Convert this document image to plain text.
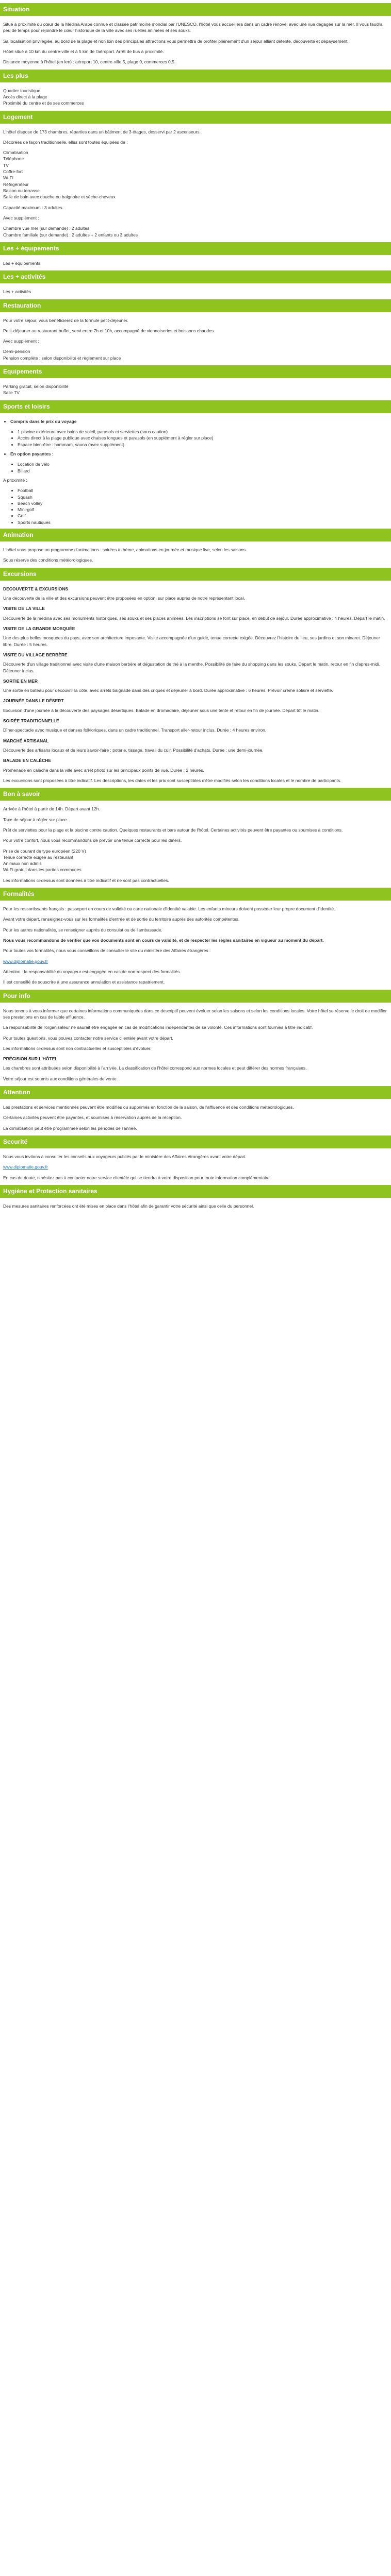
Situation
Situé à proximité du cœur de la Médina Arabe connue et classée patrimoine mondial par l'UNESCO, l'hôtel vous accueillera dans un cadre rénové, avec une vue dégagée sur la mer. Il vous faudra peu de temps pour rejoindre le cœur historique de la ville avec ses ruelles animées et ses souks.
Sa localisation privilégiée, au bord de la plage et non loin des principales attractions vous permettra de profiter pleinement d'un séjour alliant détente, découverte et dépaysement.
Hôtel situé à 10 km du centre-ville et à 5 km de l'aéroport. Arrêt de bus à proximité.
Distance moyenne à l'hôtel (en km) : aéroport 10, centre-ville 5, plage 0, commerces 0,5.
Les plus
Quartier touristique
Accès direct à la plage
Proximité du centre et de ses commerces
Logement
L'hôtel dispose de 173 chambres, réparties dans un bâtiment de 3 étages, desservi par 2 ascenseurs.
Décorées de façon traditionnelle, elles sont toutes équipées de :
Climatisation
Téléphone
TV
Coffre-fort
Wi-Fi
Réfrigérateur
Balcon ou terrasse
Salle de bain avec douche ou baignoire et sèche-cheveux
Capacité maximum : 3 adultes.
Avec supplément :
Chambre vue mer (sur demande) : 2 adultes
Chambre familiale (sur demande) : 2 adultes + 2 enfants ou 3 adultes
Les + équipements
Les + équipements
Les + activités
Les + activités
Restauration
Pour votre séjour, vous bénéficierez de la formule petit-déjeuner.
Petit-déjeuner au restaurant buffet, servi entre 7h et 10h, accompagné de viennoiseries et boissons chaudes.
Avec supplément :
Demi-pension
Pension complète : selon disponibilité et règlement sur place
Equipements
Parking gratuit, selon disponibilité
Salle TV
Sports et loisirs
• Compris dans le prix du voyage
• 1 piscine extérieure avec bains de soleil, parasols et serviettes (sous caution)
• Accès direct à la plage publique avec chaises longues et parasols (en supplément à régler sur place)
• Espace bien-être : hammam, sauna (avec supplément)
• En option payantes :
• Location de vélo
• Billard
A proximité :
• Football
• Squash
• Beach volley
• Mini-golf
• Golf
• Sports nautiques
Animation
L'hôtel vous propose un programme d'animations : soirées à thème, animations en journée et musique live, selon les saisons.
Sous réserve des conditions météorologiques.
Excursions
DECOUVERTE & EXCURSIONS
Une découverte de la ville et des excursions peuvent être proposées en option, sur place auprès de notre représentant local.
VISITE DE LA VILLE
Découverte de la médina avec ses monuments historiques, ses souks et ses places animées. Les inscriptions se font sur place, en début de séjour. Durée approximative : 4 heures. Départ le matin.
VISITE DE LA GRANDE MOSQUÉE
Une des plus belles mosquées du pays, avec son architecture imposante. Visite accompagnée d'un guide, tenue correcte exigée. Découvrez l'histoire du lieu, ses jardins et son minaret. Déjeuner libre. Durée : 5 heures.
VISITE DU VILLAGE BERBÈRE
Découverte d'un village traditionnel avec visite d'une maison berbère et dégustation de thé à la menthe. Possibilité de faire du shopping dans les souks. Départ le matin, retour en fin d'après-midi. Déjeuner inclus.
SORTIE EN MER
Une sortie en bateau pour découvrir la côte, avec arrêts baignade dans des criques et déjeuner à bord. Durée approximative : 6 heures. Prévoir crème solaire et serviette.
JOURNÉE DANS LE DÉSERT
Excursion d'une journée à la découverte des paysages désertiques. Balade en dromadaire, déjeuner sous une tente et retour en fin de journée. Départ tôt le matin.
SOIRÉE TRADITIONNELLE
Dîner-spectacle avec musique et danses folkloriques, dans un cadre traditionnel. Transport aller-retour inclus. Durée : 4 heures environ.
MARCHÉ ARTISANAL
Découverte des artisans locaux et de leurs savoir-faire : poterie, tissage, travail du cuir. Possibilité d'achats. Durée : une demi-journée.
BALADE EN CALÈCHE
Promenade en calèche dans la ville avec arrêt photo sur les principaux points de vue. Durée : 2 heures.
Les excursions sont proposées à titre indicatif. Les descriptions, les dates et les prix sont susceptibles d'être modifiés selon les conditions locales et le nombre de participants.
Bon à savoir
Arrivée à l'hôtel à partir de 14h. Départ avant 12h.
Taxe de séjour à régler sur place.
Prêt de serviettes pour la plage et la piscine contre caution. Quelques restaurants et bars autour de l'hôtel. Certaines activités peuvent être payantes ou soumises à conditions.
Pour votre confort, nous vous recommandons de prévoir une tenue correcte pour les dîners.
Prise de courant de type européen (220 V)
Tenue correcte exigée au restaurant
Animaux non admis
Wi-Fi gratuit dans les parties communes
Les informations ci-dessus sont données à titre indicatif et ne sont pas contractuelles.
Formalités
Pour les ressortissants français : passeport en cours de validité ou carte nationale d'identité valable. Les enfants mineurs doivent posséder leur propre document d'identité.
Avant votre départ, renseignez-vous sur les formalités d'entrée et de sortie du territoire auprès des autorités compétentes.
Pour les autres nationalités, se renseigner auprès du consulat ou de l'ambassade.
Nous vous recommandons de vérifier que vos documents sont en cours de validité, et de respecter les règles sanitaires en vigueur au moment du départ.
Pour toutes vos formalités, nous vous conseillons de consulter le site du ministère des Affaires étrangères :
www.diplomatie.gouv.fr
Attention : la responsabilité du voyageur est engagée en cas de non-respect des formalités.
Il est conseillé de souscrire à une assurance annulation et assistance rapatriement.
Pour info
Nous tenons à vous informer que certaines informations communiquées dans ce descriptif peuvent évoluer selon les saisons et selon les conditions locales. Votre hôtel se réserve le droit de modifier ses prestations en cas de faible affluence.
La responsabilité de l'organisateur ne saurait être engagée en cas de modifications indépendantes de sa volonté. Ces informations sont fournies à titre indicatif.
Pour toutes questions, vous pouvez contacter notre service clientèle avant votre départ.
Les informations ci-dessus sont non contractuelles et susceptibles d'évoluer.
PRÉCISION SUR L'HÔTEL
Les chambres sont attribuées selon disponibilité à l'arrivée. La classification de l'hôtel correspond aux normes locales et peut différer des normes françaises.
Votre séjour est soumis aux conditions générales de vente.
Attention
Les prestations et services mentionnés peuvent être modifiés ou supprimés en fonction de la saison, de l'affluence et des conditions météorologiques.
Certaines activités peuvent être payantes, et soumises à réservation auprès de la réception.
La climatisation peut être programmée selon les périodes de l'année.
Securité
Nous vous invitons à consulter les conseils aux voyageurs publiés par le ministère des Affaires étrangères avant votre départ.
www.diplomatie.gouv.fr
En cas de doute, n'hésitez pas à contacter notre service clientèle qui se tiendra à votre disposition pour toute information complémentaire.
Hygiène et Protection sanitaires
Des mesures sanitaires renforcées ont été mises en place dans l'hôtel afin de garantir votre sécurité ainsi que celle du personnel.
